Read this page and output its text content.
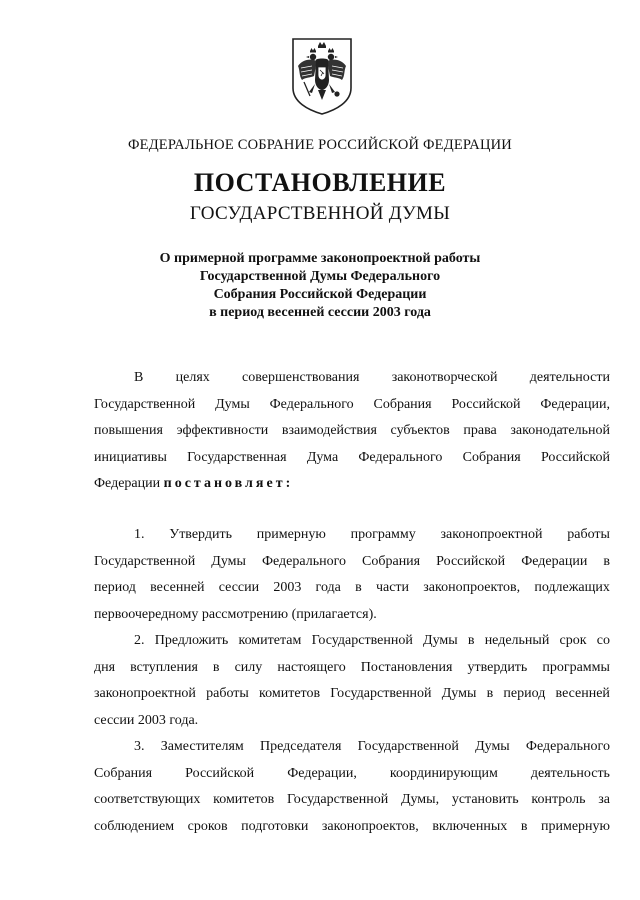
ФЕДЕРАЛЬНОЕ СОБРАНИЕ РОССИЙСКОЙ ФЕДЕРАЦИИ
ПОСТАНОВЛЕНИЕ
ГОСУДАРСТВЕННОЙ ДУМЫ
О примерной программе законопроектной работы
Государственной Думы Федерального
Собрания Российской Федерации
в период весенней сессии 2003 года
В целях совершенствования законотворческой деятельности
Государственной Думы Федерального Собрания Российской Федерации,
повышения эффективности взаимодействия субъектов права законодательной
инициативы Государственная Дума Федерального Собрания Российской
Федерации постановляет:
1. Утвердить примерную программу законопроектной работы
Государственной Думы Федерального Собрания Российской Федерации в
период весенней сессии 2003 года в части законопроектов, подлежащих
первоочередному рассмотрению (прилагается).
2. Предложить комитетам Государственной Думы в недельный срок со
дня вступления в силу настоящего Постановления утвердить программы
законопроектной работы комитетов Государственной Думы в период весенней
сессии 2003 года.
3. Заместителям Председателя Государственной Думы Федерального
Собрания Российской Федерации, координирующим деятельность
соответствующих комитетов Государственной Думы, установить контроль за
соблюдением сроков подготовки законопроектов, включенных в примерную
